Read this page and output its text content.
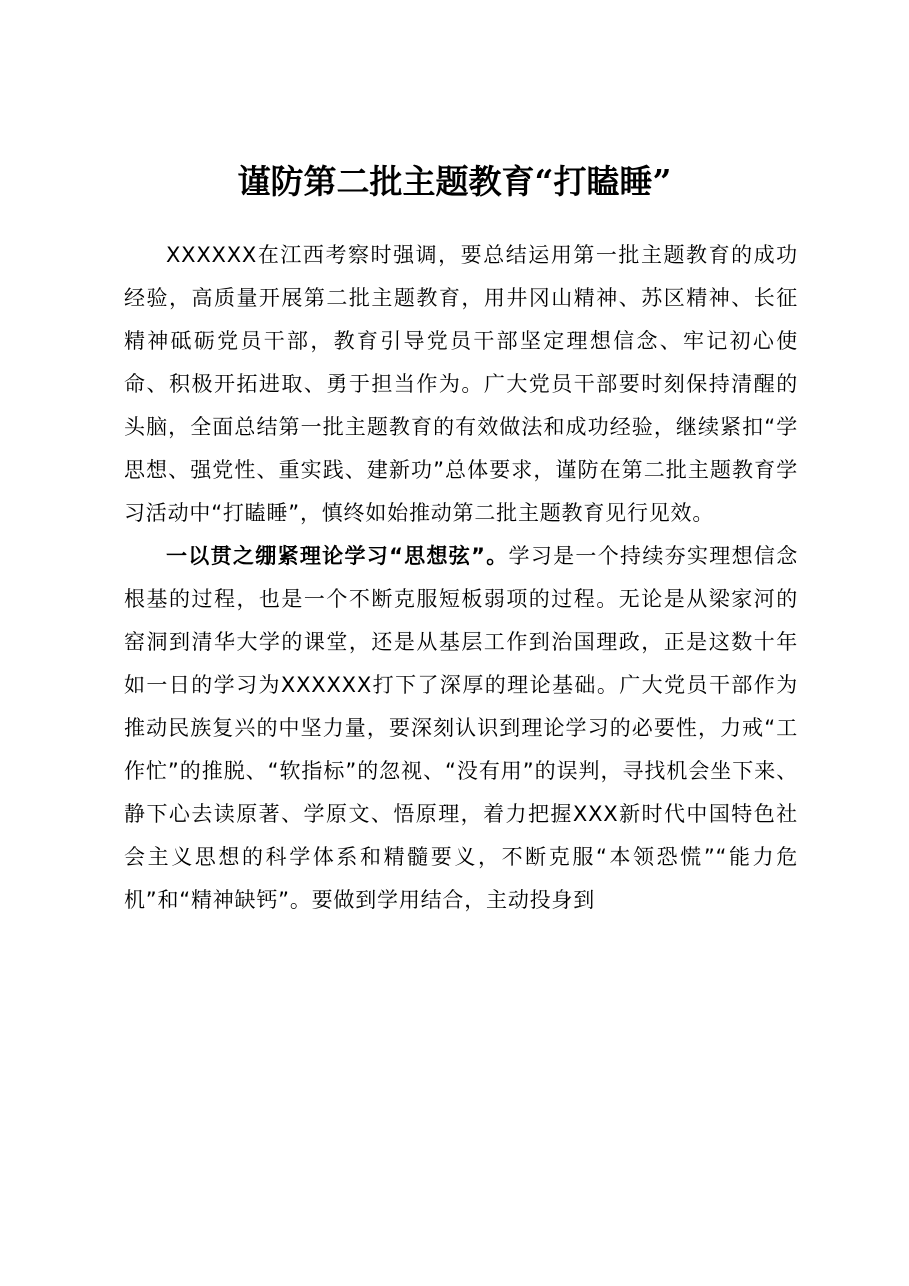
谨防第二批主题教育“打瞌睡”

XXXXXX在江西考察时强调，要总结运用第一批主题教育的成功经验，高质量开展第二批主题教育，用井冈山精神、苏区精神、长征精神砥砺党员干部，教育引导党员干部坚定理想信念、牢记初心使命、积极开拓进取、勇于担当作为。广大党员干部要时刻保持清醒的头脑，全面总结第一批主题教育的有效做法和成功经验，继续紧扣“学思想、强党性、重实践、建新功”总体要求，谨防在第二批主题教育学习活动中“打瞌睡”，慎终如始推动第二批主题教育见行见效。

一以贯之绷紧理论学习“思想弦”。学习是一个持续夯实理想信念根基的过程，也是一个不断克服短板弱项的过程。无论是从梁家河的窑洞到清华大学的课堂，还是从基层工作到治国理政，正是这数十年如一日的学习为XXXXXX打下了深厚的理论基础。广大党员干部作为推动民族复兴的中坚力量，要深刻认识到理论学习的必要性，力戒“工作忙”的推脱、“软指标”的忽视、“没有用”的误判，寻找机会坐下来、静下心去读原著、学原文、悟原理，着力把握XXX新时代中国特色社会主义思想的科学体系和精髓要义，不断克服“本领恐慌”“能力危机”和“精神缺钙”。要做到学用结合，主动投身到
